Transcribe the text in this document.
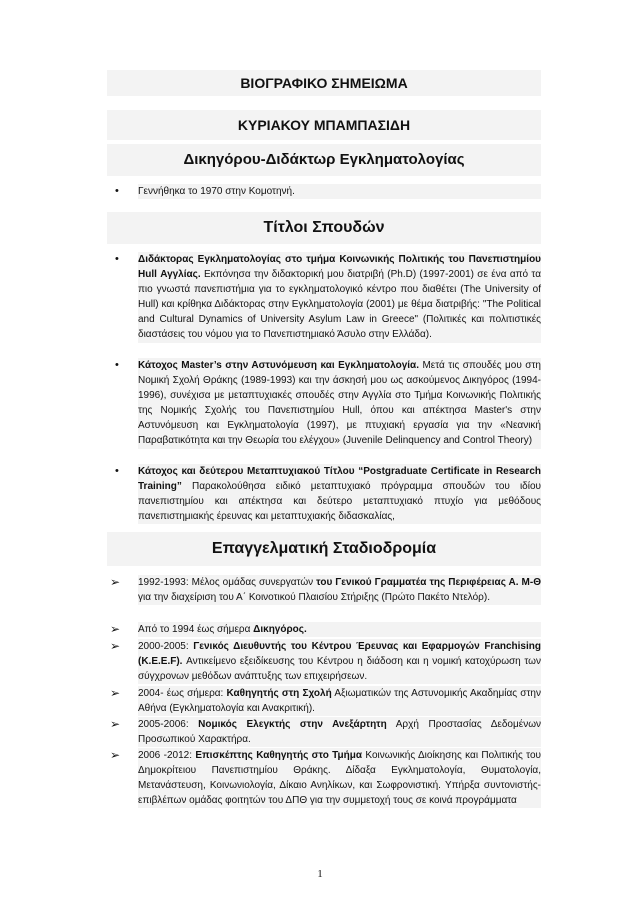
ΒΙΟΓΡΑΦΙΚΟ ΣΗΜΕΙΩΜΑ
ΚΥΡΙΑΚΟΥ ΜΠΑΜΠΑΣΙΔΗ
Δικηγόρου-Διδάκτωρ Εγκληματολογίας
• Γεννήθηκα το 1970 στην Κομοτηνή.
Τίτλοι Σπουδών
• Διδάκτορας Εγκληματολογίας στο τμήμα Κοινωνικής Πολιτικής του Πανεπιστημίου Hull Αγγλίας. Εκπόνησα την διδακτορική μου διατριβή (Ph.D) (1997-2001) σε ένα από τα πιο γνωστά πανεπιστήμια για το εγκληματολογικό κέντρο που διαθέτει (The University of Hull) και κρίθηκα Διδάκτορας στην Εγκληματολογία (2001) με θέμα διατριβής: "The Political and Cultural Dynamics of University Asylum Law in Greece" (Πολιτικές και πολιτιστικές διαστάσεις του νόμου για το Πανεπιστημιακό Άσυλο στην Ελλάδα).
• Κάτοχος Master’s στην Αστυνόμευση και Εγκληματολογία. Μετά τις σπουδές μου στη Νομική Σχολή Θράκης (1989-1993) και την άσκησή μου ως ασκούμενος Δικηγόρος (1994-1996), συνέχισα με μεταπτυχιακές σπουδές στην Αγγλία στο Τμήμα Κοινωνικής Πολιτικής της Νομικής Σχολής του Πανεπιστημίου Hull, όπου και απέκτησα Master's στην Αστυνόμευση και Εγκληματολογία (1997), με πτυχιακή εργασία για την «Νεανική Παραβατικότητα και την Θεωρία του ελέγχου» (Juvenile Delinquency and Control Theory)
• Κάτοχος και δεύτερου Μεταπτυχιακού Τίτλου “Postgraduate Certificate in Research Training” Παρακολούθησα ειδικό μεταπτυχιακό πρόγραμμα σπουδών του ιδίου πανεπιστημίου και απέκτησα και δεύτερο μεταπτυχιακό πτυχίο για μεθόδους πανεπιστημιακής έρευνας και μεταπτυχιακής διδασκαλίας,
Επαγγελματική Σταδιοδρομία
➢ 1992-1993: Μέλος ομάδας συνεργατών του Γενικού Γραμματέα της Περιφέρειας Α. Μ-Θ για την διαχείριση του Α΄ Κοινοτικού Πλαισίου Στήριξης (Πρώτο Πακέτο Ντελόρ).
➢ Από το 1994 έως σήμερα Δικηγόρος.
➢ 2000-2005: Γενικός Διευθυντής του Κέντρου Έρευνας και Εφαρμογών Franchising (Κ.Ε.Ε.F). Αντικείμενο εξειδίκευσης του Κέντρου η διάδοση και η νομική κατοχύρωση των σύγχρονων μεθόδων ανάπτυξης των επιχειρήσεων.
➢ 2004- έως σήμερα: Καθηγητής στη Σχολή Αξιωματικών της Αστυνομικής Ακαδημίας στην Αθήνα (Εγκληματολογία και Ανακριτική).
➢ 2005-2006: Νομικός Ελεγκτής στην Ανεξάρτητη Αρχή Προστασίας Δεδομένων Προσωπικού Χαρακτήρα.
➢ 2006 -2012: Επισκέπτης Καθηγητής στο Τμήμα Κοινωνικής Διοίκησης και Πολιτικής του Δημοκρίτειου Πανεπιστημίου Θράκης. Δίδαξα Εγκληματολογία, Θυματολογία, Μετανάστευση, Κοινωνιολογία, Δίκαιο Ανηλίκων, και Σωφρονιστική. Υπήρξα συντονιστής-επιβλέπων ομάδας φοιτητών του ΔΠΘ για την συμμετοχή τους σε κοινά προγράμματα
1
